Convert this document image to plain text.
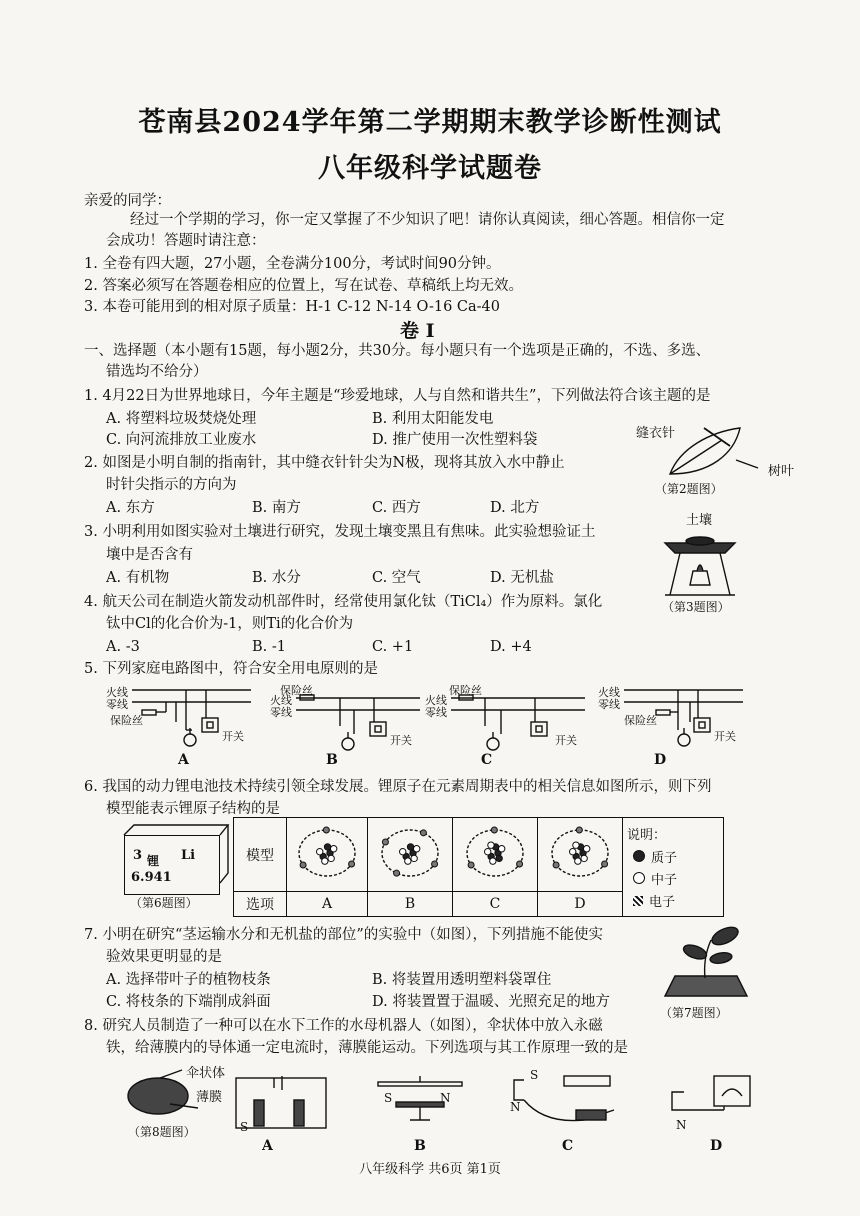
苍南县2024学年第二学期期末教学诊断性测试
八年级科学试题卷
亲爱的同学：
经过一个学期的学习，你一定又掌握了不少知识了吧！请你认真阅读，细心答题。相信你一定
会成功！答题时请注意：
1. 全卷有四大题，27小题，全卷满分100分，考试时间90分钟。
2. 答案必须写在答题卷相应的位置上，写在试卷、草稿纸上均无效。
3. 本卷可能用到的相对原子质量：H-1 C-12 N-14 O-16 Ca-40
卷 I
一、选择题（本小题有15题，每小题2分，共30分。每小题只有一个选项是正确的，不选、多选、
错选均不给分）
1. 4月22日为世界地球日，今年主题是“珍爱地球，人与自然和谐共生”，下列做法符合该主题的是
A. 将塑料垃圾焚烧处理	B. 利用太阳能发电
C. 向河流排放工业废水	D. 推广使用一次性塑料袋
2. 如图是小明自制的指南针，其中缝衣针针尖为N极，现将其放入水中静止
时针尖指示的方向为
A. 东方	B. 南方	C. 西方	D. 北方
缝衣针
树叶
（第2题图）
3. 小明利用如图实验对土壤进行研究，发现土壤变黑且有焦味。此实验想验证土
壤中是否含有
A. 有机物	B. 水分	C. 空气	D. 无机盐
土壤
（第3题图）
4. 航天公司在制造火箭发动机部件时，经常使用氯化钛（TiCl₄）作为原料。氯化
钛中Cl的化合价为-1，则Ti的化合价为
A. -3	B. -1	C. +1	D. +4
5. 下列家庭电路图中，符合安全用电原则的是
火线
零线
保险丝
开关
A
保险丝
火线
零线
开关
B
保险丝
火线
零线
开关
C
火线
零线
保险丝
开关
D
6. 我国的动力锂电池技术持续引领全球发展。锂原子在元素周期表中的相关信息如图所示，则下列
模型能表示锂原子结构的是
3 锂 Li
6.941
（第6题图）
模型					说明：
质子
中子
电子

选项	A	B	C	D	
7. 小明在研究“茎运输水分和无机盐的部位”的实验中（如图），下列措施不能使实
验效果更明显的是
A. 选择带叶子的植物枝条	B. 将装置用透明塑料袋罩住
C. 将枝条的下端削成斜面	D. 将装置置于温暖、光照充足的地方
（第7题图）
8. 研究人员制造了一种可以在水下工作的水母机器人（如图），伞状体中放入永磁
铁，给薄膜内的导体通一定电流时，薄膜能运动。下列选项与其工作原理一致的是
伞状体
薄膜
（第8题图）	S
A
S	N
B
S
N
C
N
D
八年级科学 共6页 第1页
